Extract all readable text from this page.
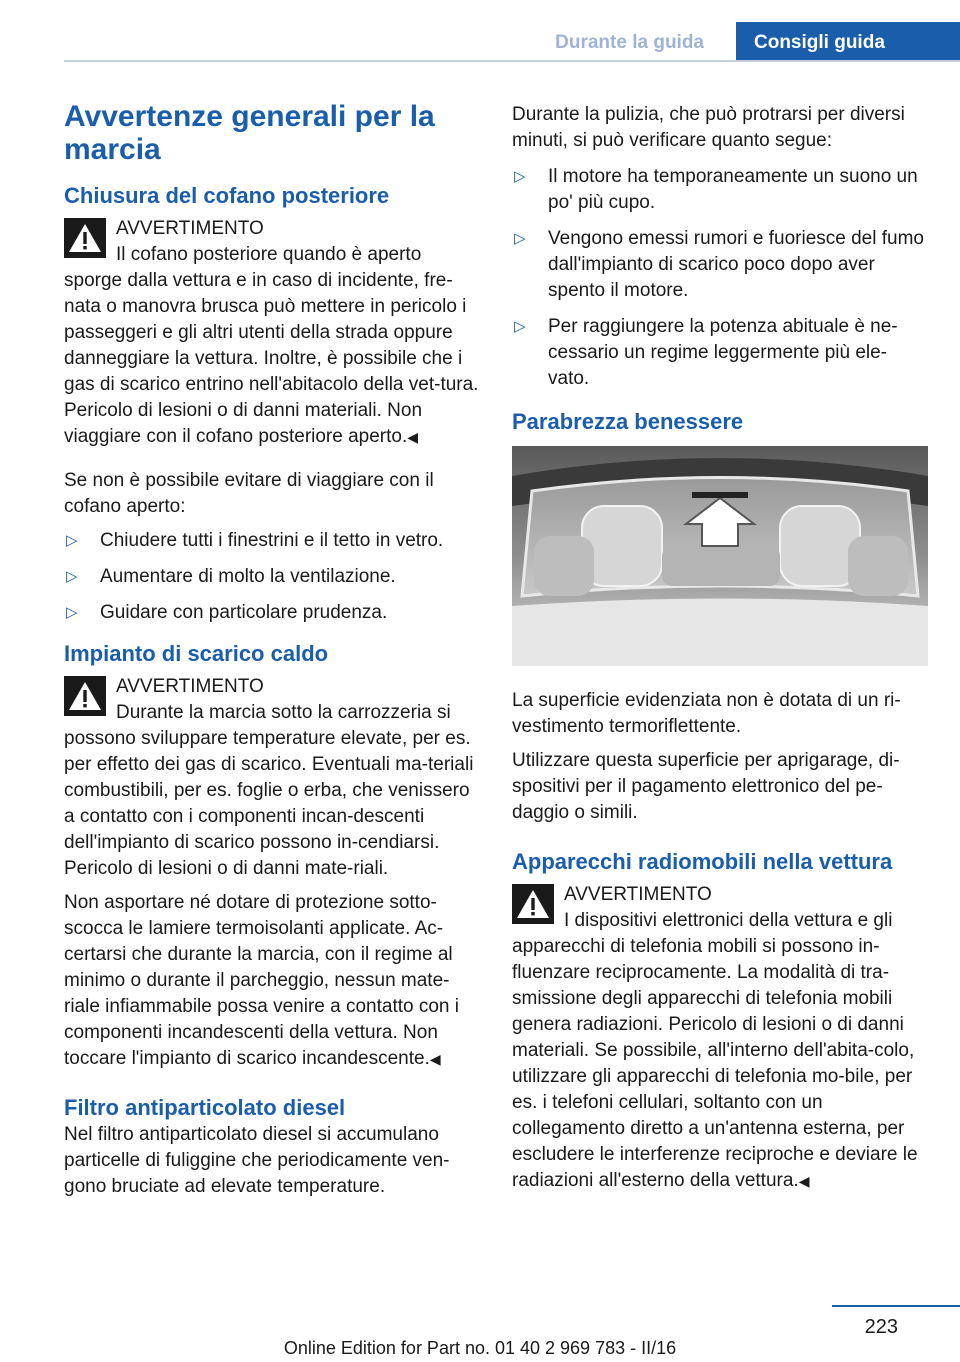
Durante la guida	Consigli guida
Avvertenze generali per la marcia
Chiusura del cofano posteriore
AVVERTIMENTO
Il cofano posteriore quando è aperto sporge dalla vettura e in caso di incidente, fre‐nata o manovra brusca può mettere in pericolo i passeggeri e gli altri utenti della strada oppure danneggiare la vettura. Inoltre, è possibile che i gas di scarico entrino nell'abitacolo della vet‐tura. Pericolo di lesioni o di danni materiali. Non viaggiare con il cofano posteriore aperto.◀

Se non è possibile evitare di viaggiare con il cofano aperto:

▷ Chiudere tutti i finestrini e il tetto in vetro.
▷ Aumentare di molto la ventilazione.
▷ Guidare con particolare prudenza.
Impianto di scarico caldo
AVVERTIMENTO
Durante la marcia sotto la carrozzeria si possono sviluppare temperature elevate, per es. per effetto dei gas di scarico. Eventuali ma‐teriali combustibili, per es. foglie o erba, che venissero a contatto con i componenti incan‐descenti dell'impianto di scarico possono in‐cendiarsi. Pericolo di lesioni o di danni mate‐riali.

Non asportare né dotare di protezione sotto‐scocca le lamiere termoisolanti applicate. Ac‐certarsi che durante la marcia, con il regime al minimo o durante il parcheggio, nessun mate‐riale infiammabile possa venire a contatto con i componenti incandescenti della vettura. Non toccare l'impianto di scarico incandescente.◀

Filtro antiparticolato diesel

Nel filtro antiparticolato diesel si accumulano particelle di fuliggine che periodicamente ven‐gono bruciate ad elevate temperature.

Durante la pulizia, che può protrarsi per diversi minuti, si può verificare quanto segue:

▷ Il motore ha temporaneamente un suono un po' più cupo.
▷ Vengono emessi rumori e fuoriesce del fumo dall'impianto di scarico poco dopo aver spento il motore.
▷ Per raggiungere la potenza abituale è ne‐cessario un regime leggermente più ele‐vato.
Parabrezza benessere

La superficie evidenziata non è dotata di un ri‐vestimento termoriflettente.

Utilizzare questa superficie per aprigarage, di‐spositivi per il pagamento elettronico del pe‐daggio o simili.

Apparecchi radiomobili nella vettura
AVVERTIMENTO
I dispositivi elettronici della vettura e gli apparecchi di telefonia mobili si possono in‐fluenzare reciprocamente. La modalità di tra‐smissione degli apparecchi di telefonia mobili genera radiazioni. Pericolo di lesioni o di danni materiali. Se possibile, all'interno dell'abita‐colo, utilizzare gli apparecchi di telefonia mo‐bile, per es. i telefoni cellulari, soltanto con un collegamento diretto a un'antenna esterna, per escludere le interferenze reciproche e deviare le radiazioni all'esterno della vettura.◀
223
Online Edition for Part no. 01 40 2 969 783 - II/16
